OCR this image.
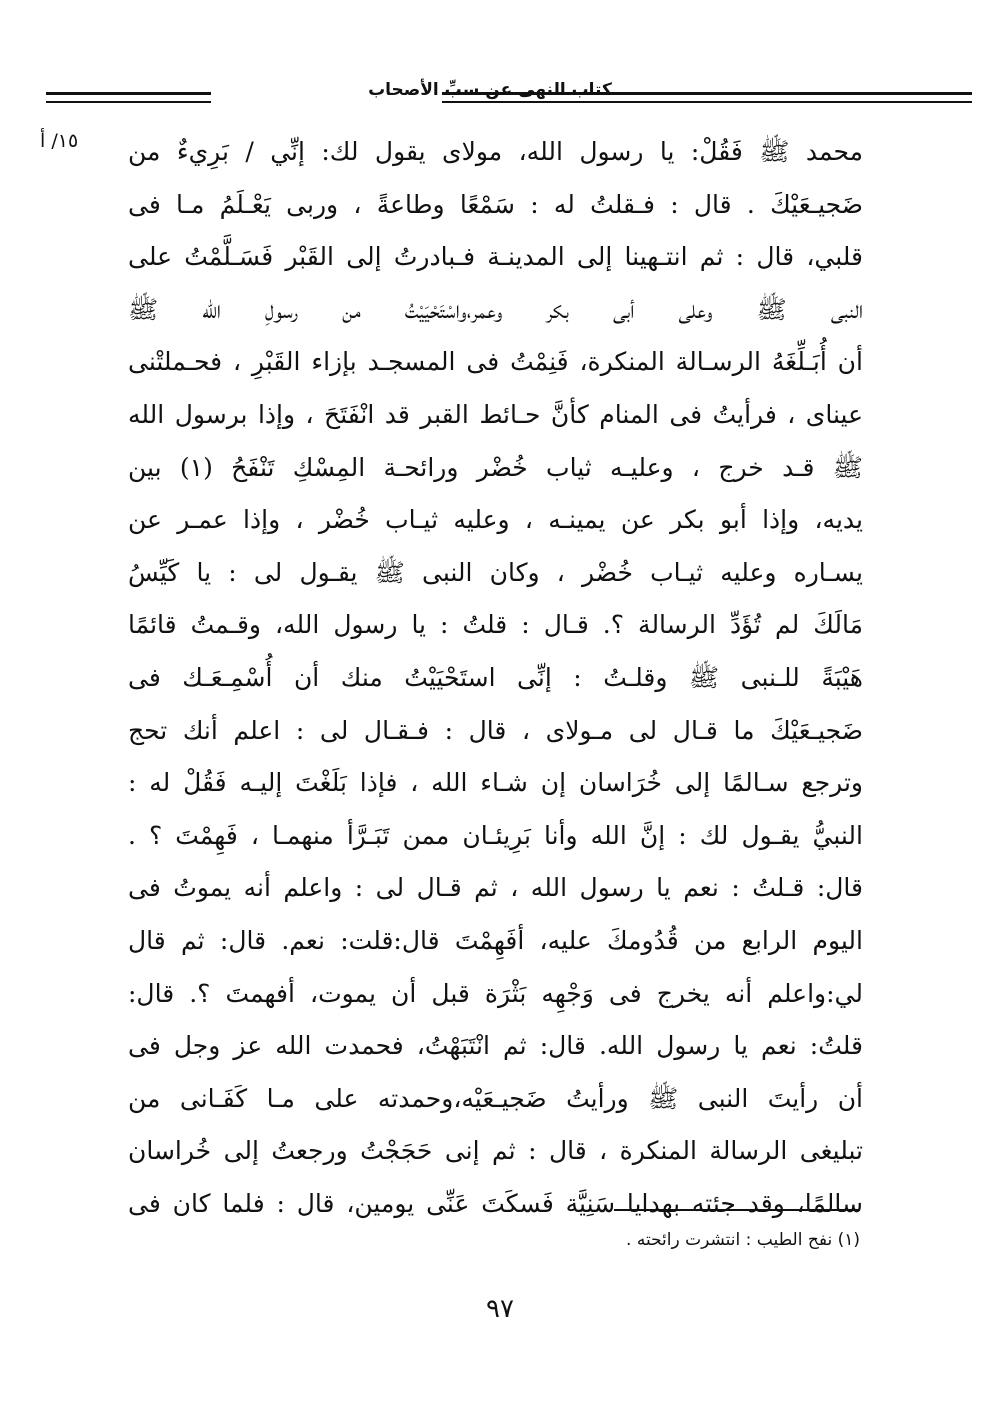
كتاب النهى عن سبِّ الأصحاب
١٥/ أ محمد ﷺ فَقُلْ: يا رسول الله، مولاى يقول لك: إنِّي / بَرِيءٌ من
ضَجيـعَيْكَ . قال : فـقلتُ له : سَمْعًا وطاعةً ، وربى يَعْـلَمُ مـا فى
قلبي، قال : ثم انتـهينا إلى المدينـة فـبادرتُ إلى القَبْر فَسَـلَّمْتُ على
النبى ﷺ وعلى أبى بكر وعمر،واسْتَحْيَيْتُ من رسولِ الله ﷺ
أن أُبَـلِّغَهُ الرسـالة المنكرة، فَنِمْتُ فى المسجـد بإزاء القَبْرِ ، فحـملتْنى
عيناى ، فرأيتُ فى المنام كأنَّ حـائط القبر قد انْفَتَحَ ، وإذا برسول الله
ﷺ قـد خرج ، وعليـه ثياب خُضْر ورائحـة المِسْكِ تَنْفَحُ (١) بين
يديه، وإذا أبو بكر عن يمينـه ، وعليه ثيـاب خُضْر ، وإذا عمـر عن
يسـاره وعليه ثيـاب خُضْر ، وكان النبى ﷺ يقـول لى : يا كَيِّسُ
مَالَكَ لم تُؤَدِّ الرسالة ؟. قـال : قلتُ : يا رسول الله، وقـمتُ قائمًا
هَيْبَةً للـنبى ﷺ وقلـتُ : إنِّى استَحْيَيْتُ منك أن أُسْمِـعَـك فى
ضَجيـعَيْكَ ما قـال لى مـولاى ، قال : فـقـال لى : اعلم أنك تحج
وترجع سـالمًا إلى خُرَاسان إن شـاء الله ، فإذا بَلَغْتَ إليـه فَقُلْ له :
النبيُّ يقـول لك : إنَّ الله وأنا بَرِيئـان ممن تَبَـرَّأ منهمـا ، فَهِمْتَ ؟ .
قال: قـلتُ : نعم يا رسول الله ، ثم قـال لى : واعلم أنه يموتُ فى
اليوم الرابع من قُدُومكَ عليه، أفَهِمْتَ قال:قلت: نعم. قال: ثم قال
لي:واعلم أنه يخرج فى وَجْهِه بَثْرَة قبل أن يموت، أفهمتَ ؟. قال:
قلتُ: نعم يا رسول الله. قال: ثم انْتَبَهْتُ، فحمدت الله عز وجل فى
أن رأيتَ النبى ﷺ ورأيتُ ضَجيـعَيْه،وحمدته على مـا كَفَـانى من
تبليغى الرسالة المنكرة ، قال : ثم إنى حَجَجْتُ ورجعتُ إلى خُراسان
سالمًا، وقد جئته بهدايا سَنِيَّة فَسكَتَ عَنِّى يومين، قال : فلما كان فى
(١) نفح الطيب : انتشرت رائحته .
٩٧
